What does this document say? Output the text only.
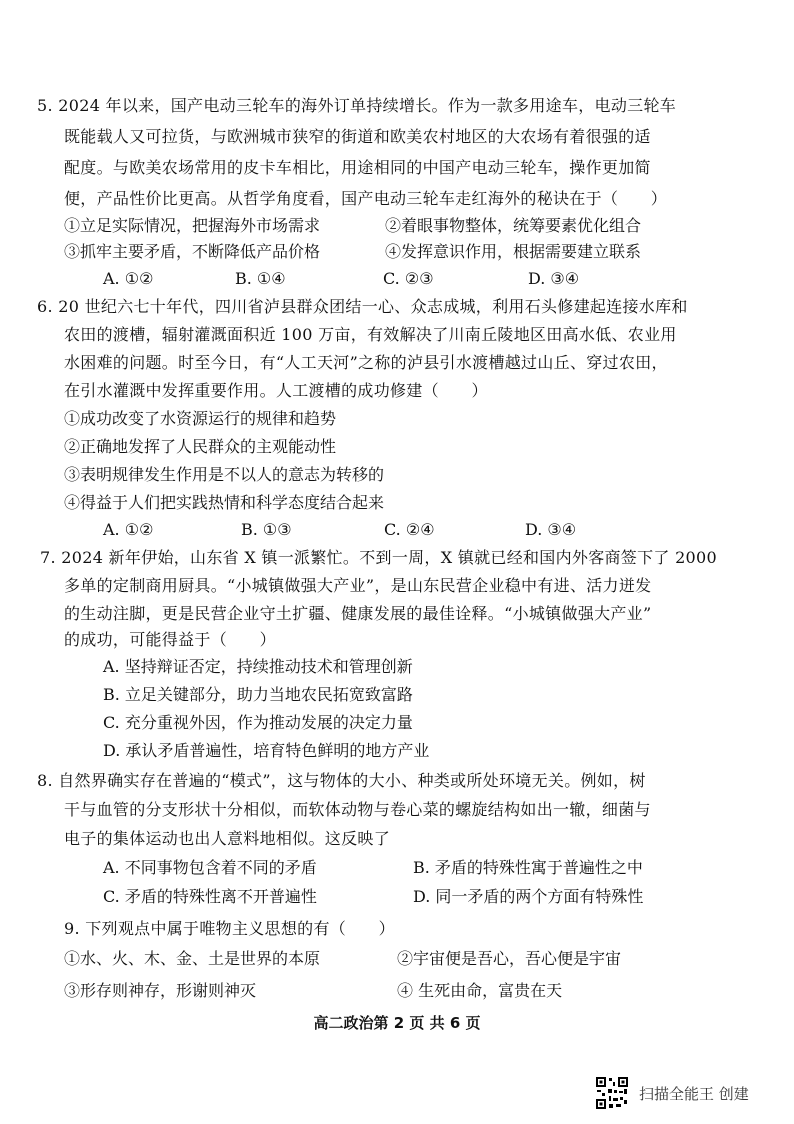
5. 2024 年以来，国产电动三轮车的海外订单持续增长。作为一款多用途车，电动三轮车
既能载人又可拉货，与欧洲城市狭窄的街道和欧美农村地区的大农场有着很强的适
配度。与欧美农场常用的皮卡车相比，用途相同的中国产电动三轮车，操作更加简
便，产品性价比更高。从哲学角度看，国产电动三轮车走红海外的秘诀在于（　　）
①立足实际情况，把握海外市场需求	②着眼事物整体，统筹要素优化组合
③抓牢主要矛盾，不断降低产品价格	④发挥意识作用，根据需要建立联系
A. ①②	B. ①④	C. ②③	D. ③④
6. 20 世纪六七十年代，四川省泸县群众团结一心、众志成城，利用石头修建起连接水库和
农田的渡槽，辐射灌溉面积近 100 万亩，有效解决了川南丘陵地区田高水低、农业用
水困难的问题。时至今日，有“人工天河”之称的泸县引水渡槽越过山丘、穿过农田，
在引水灌溉中发挥重要作用。人工渡槽的成功修建（　　）
①成功改变了水资源运行的规律和趋势
②正确地发挥了人民群众的主观能动性
③表明规律发生作用是不以人的意志为转移的
④得益于人们把实践热情和科学态度结合起来
A. ①②	B. ①③	C. ②④	D. ③④
7. 2024 新年伊始，山东省 X 镇一派繁忙。不到一周，X 镇就已经和国内外客商签下了 2000
多单的定制商用厨具。“小城镇做强大产业”，是山东民营企业稳中有进、活力迸发
的生动注脚，更是民营企业守土扩疆、健康发展的最佳诠释。“小城镇做强大产业”
的成功，可能得益于（　　）
A. 坚持辩证否定，持续推动技术和管理创新
B. 立足关键部分，助力当地农民拓宽致富路
C. 充分重视外因，作为推动发展的决定力量
D. 承认矛盾普遍性，培育特色鲜明的地方产业
8. 自然界确实存在普遍的“模式”，这与物体的大小、种类或所处环境无关。例如，树
干与血管的分支形状十分相似，而软体动物与卷心菜的螺旋结构如出一辙，细菌与
电子的集体运动也出人意料地相似。这反映了
A. 不同事物包含着不同的矛盾	B. 矛盾的特殊性寓于普遍性之中
C. 矛盾的特殊性离不开普遍性	D. 同一矛盾的两个方面有特殊性
9. 下列观点中属于唯物主义思想的有（　　）
①水、火、木、金、土是世界的本原	②宇宙便是吾心，吾心便是宇宙
③形存则神存，形谢则神灭	④ 生死由命，富贵在天
高二政治第 2 页 共 6 页
扫描全能王 创建
